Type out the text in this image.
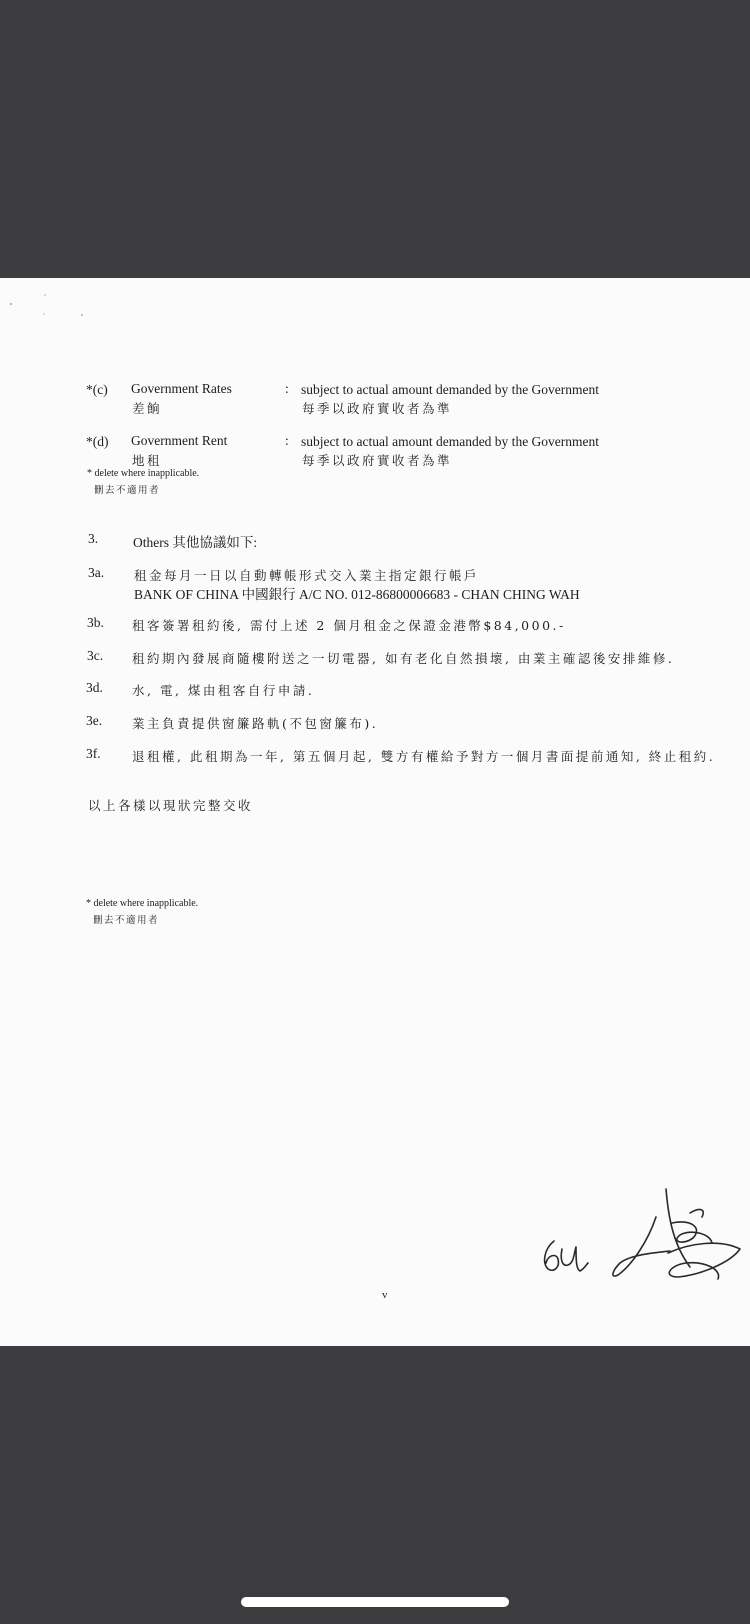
*(c) Government Rates
差餉
: subject to actual amount demanded by the Government
每季以政府實收者為準
*(d) Government Rent
地租
: subject to actual amount demanded by the Government
每季以政府實收者為準
* delete where inapplicable.
刪去不適用者
3.	Others 其他協議如下:
3a. 租金每月一日以自動轉帳形式交入業主指定銀行帳戶
BANK OF CHINA 中國銀行 A/C NO. 012-86800006683 - CHAN CHING WAH
3b. 租客簽署租約後, 需付上述 2 個月租金之保證金港幣$84,000.-
3c. 租約期內發展商隨樓附送之一切電器, 如有老化自然損壞, 由業主確認後安排維修.
3d. 水, 電, 煤由租客自行申請.
3e. 業主負責提供窗簾路軌(不包窗簾布).
3f.	退租權, 此租期為一年, 第五個月起, 雙方有權給予對方一個月書面提前通知, 終止租約.
以上各樣以現狀完整交收
* delete where inapplicable.
刪去不適用者
v
